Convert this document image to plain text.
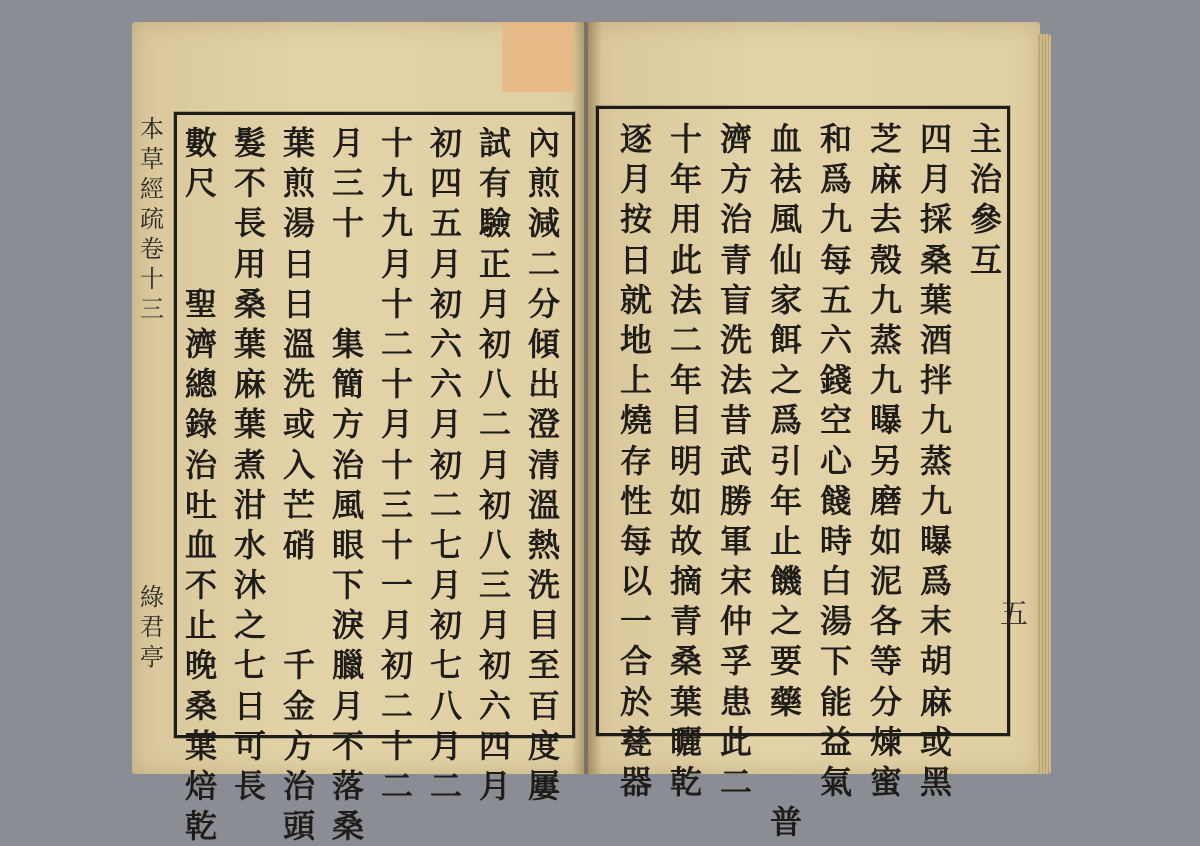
本
草
經
疏
卷
十
三
綠
君
亭
內
煎
減
二
分
傾
出
澄
清
溫
熱
洗
目
至
百
度
屢
試
有
驗
正
月
初
八
二
月
初
八
三
月
初
六
四
月
初
四
五
月
初
六
六
月
初
二
七
月
初
七
八
月
二
十
九
九
月
十
二
十
月
十
三
十
一
月
初
二
十
二
月
三
十
集
簡
方
治
風
眼
下
淚
臘
月
不
落
桑
葉
煎
湯
日
日
溫
洗
或
入
芒
硝
千
金
方
治
頭
髮
不
長
用
桑
葉
麻
葉
煮
泔
水
沐
之
七
日
可
長
數
尺
聖
濟
總
錄
治
吐
血
不
止
晚
桑
葉
焙
乾
主
治
參
互
四
月
採
桑
葉
酒
拌
九
蒸
九
曝
爲
末
胡
麻
或
黑
芝
麻
去
殼
九
蒸
九
曝
另
磨
如
泥
各
等
分
煉
蜜
和
爲
九
每
五
六
錢
空
心
餞
時
白
湯
下
能
益
氣
血
祛
風
仙
家
餌
之
爲
引
年
止
饑
之
要
藥
普
濟
方
治
青
盲
洗
法
昔
武
勝
軍
宋
仲
孚
患
此
二
十
年
用
此
法
二
年
目
明
如
故
摘
青
桑
葉
曬
乾
逐
月
按
日
就
地
上
燒
存
性
每
以
一
合
於
甆
器
五
